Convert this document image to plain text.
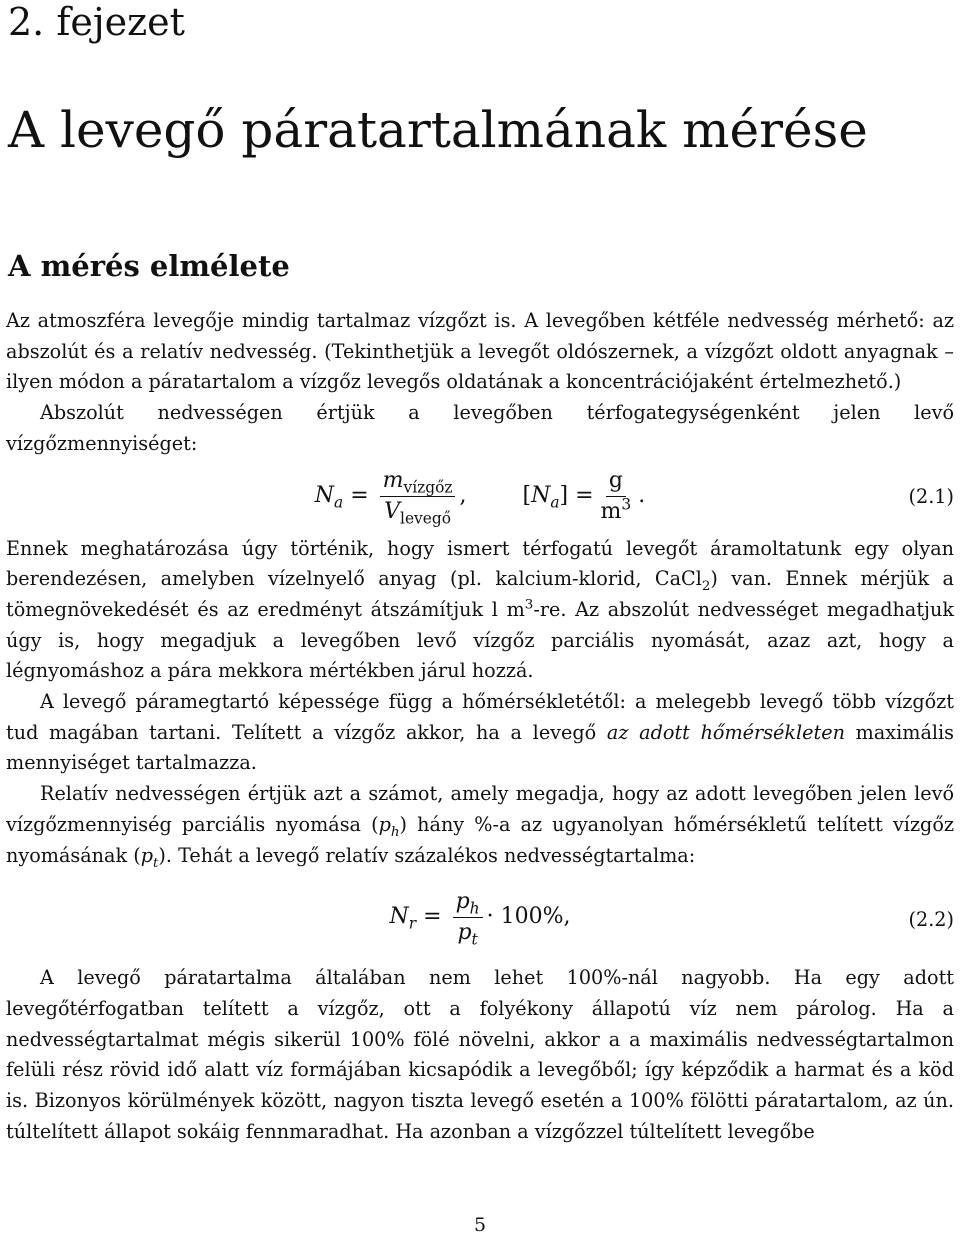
2. fejezet
A levegő páratartalmának mérése
A mérés elmélete

Az atmoszféra levegője mindig tartalmaz vízgőzt is. A levegőben kétféle nedvesség mérhető: az abszolút és a relatív nedvesség. (Tekinthetjük a levegőt oldószernek, a vízgőzt oldott anyagnak – ilyen módon a páratartalom a vízgőz levegős oldatának a koncentrációjaként értelmezhető.)

Abszolút nedvességen értjük a levegőben térfogategységenként jelen levő vízgőzmennyiséget:

$N_a$
=
$\frac{m_{vízgőz}}{V_{levegő}}$ ,	[ $N_a$ ] = $\frac{g}{m^3}$ .	(2.1)

Ennek meghatározása úgy történik, hogy ismert térfogatú levegőt áramoltatunk egy olyan berendezésen, amelyben vízelnyelő anyag (pl. kalcium-klorid, CaCl$_2$) van. Ennek mérjük a tömegnövekedését és az eredményt átszámítjuk l $m^3-re$. Az abszolút nedvességet megadhatjuk úgy is, hogy megadjuk a levegőben levő vízgőz parciális nyomását, azaz azt, hogy a légnyomáshoz a pára mekkora mértékben járul hozzá.

A levegő páramegtartó képessége függ a hőmérsékletétől: a melegebb levegő több vízgőzt tud magában tartani. Telített a vízgőz akkor, ha a levegő az adott hőmérsékleten maximális mennyiséget tartalmazza.

Relatív nedvességen értjük azt a számot, amely megadja, hogy az adott levegőben jelen levő vízgőzmennyiség parciális nyomása $(p_h)$ hány %-a az ugyanolyan hőmérsékletű telített vízgőz nyomásának $(p_t)$. Tehát a levegő relatív százalékos nedvességtartalma:

$N_r$
=
$\frac{p_h}{p_t} \cdot 100\%$,	(2.2)

A levegő páratartalma általában nem lehet 100%-nál nagyobb. Ha egy adott levegőtérfogatban telített a vízgőz, ott a folyékony állapotú víz nem párolog. Ha a nedvességtartalmat mégis sikerül 100% fölé növelni, akkor a a maximális nedvességtartalmon felüli rész rövid idő alatt víz formájában kicsapódik a levegőből; így képződik a harmat és a köd is. Bizonyos körülmények között, nagyon tiszta levegő esetén a 100% fölötti páratartalom, az ún. túltelített állapot sokáig fennmaradhat. Ha azonban a vízgőzzel túltelített levegőbe

5
